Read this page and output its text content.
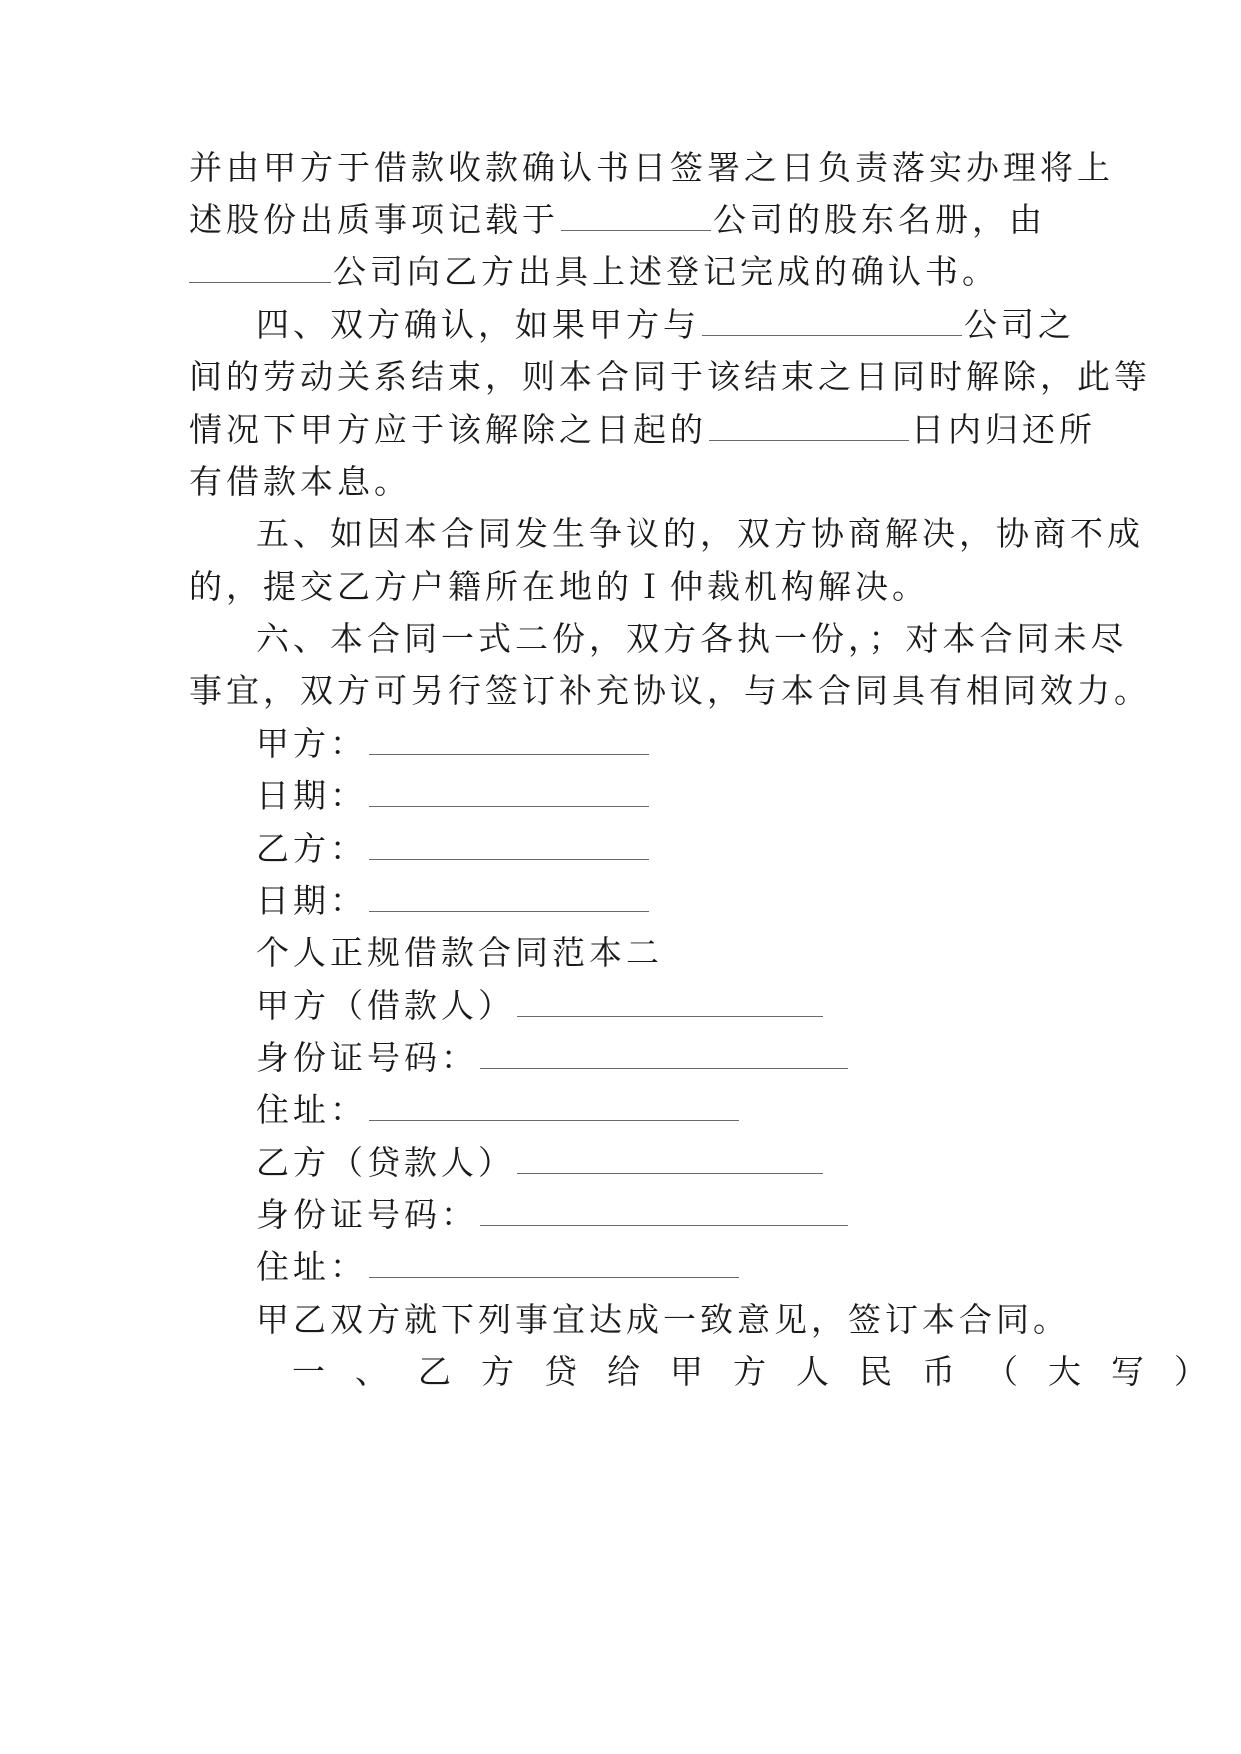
并由甲方于借款收款确认书日签署之日负责落实办理将上
述股份出质事项记载于	公司的股东名册，由
公司向乙方出具上述登记完成的确认书。
四、双方确认，如果甲方与	公司之
间的劳动关系结束，则本合同于该结束之日同时解除，此等
情况下甲方应于该解除之日起的	日内归还所
有借款本息。
五、如因本合同发生争议的，双方协商解决，协商不成
的，提交乙方户籍所在地的Ｉ仲裁机构解决。
六、本合同一式二份，双方各执一份，；对本合同未尽
事宜，双方可另行签订补充协议，与本合同具有相同效力。
甲方：
日期：
乙方：
日期：
个人正规借款合同范本二
甲方（借款人）
身份证号码：
住址：
乙方（贷款人）
身份证号码：
住址：
甲乙双方就下列事宜达成一致意见，签订本合同。
一、乙方贷给甲方人民币（大写）
